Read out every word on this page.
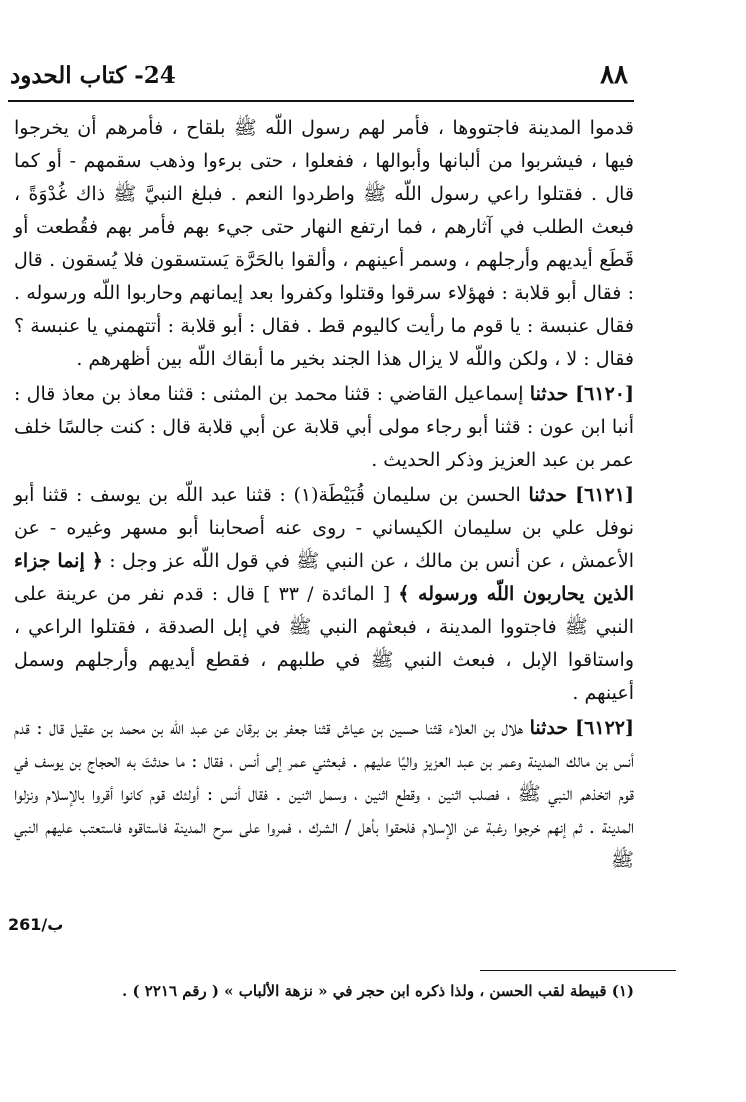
٨٨
24- كتاب الحدود

قدموا المدينة فاجتووها ، فأمر لهم رسول اللّه ﷺ بلقاح ، فأمرهم أن يخرجوا فيها ، فيشربوا من ألبانها وأبوالها ، ففعلوا ، حتى برءوا وذهب سقمهم - أو كما قال . فقتلوا راعي رسول اللّه ﷺ واطردوا النعم . فبلغ النبيَّ ﷺ ذاك غُدْوَةً ، فبعث الطلب في آثارهم ، فما ارتفع النهار حتى جيء بهم فأمر بهم فقُطعت أو قَطَع أيديهم وأرجلهم ، وسمر أعينهم ، وألقوا بالحَرَّة يَستسقون فلا يُسقون . قال : فقال أبو قلابة : فهؤلاء سرقوا وقتلوا وكفروا بعد إيمانهم وحاربوا اللّه ورسوله . فقال عنبسة : يا قوم ما رأيت كاليوم قط . فقال : أبو قلابة : أتتهمني يا عنبسة ؟ فقال : لا ، ولكن واللّه لا يزال هذا الجند بخير ما أبقاك اللّه بين أظهرهم .

[٦١٢٠] حدثنا إسماعيل القاضي : قثنا محمد بن المثنى : قثنا معاذ بن معاذ قال : أنبا ابن عون : قثنا أبو رجاء مولى أبي قلابة عن أبي قلابة قال : كنت جالسًا خلف عمر بن عبد العزيز وذكر الحديث .

[٦١٢١] حدثنا الحسن بن سليمان قُبَيْطَة(١) : قثنا عبد اللّه بن يوسف : قثنا أبو نوفل علي بن سليمان الكيساني - روى عنه أصحابنا أبو مسهر وغيره - عن الأعمش ، عن أنس بن مالك ، عن النبي ﷺ في قول اللّه عز وجل : ﴿ إنما جزاء الذين يحاربون اللّه ورسوله ﴾ [ المائدة / ٣٣ ] قال : قدم نفر من عرينة على النبي ﷺ فاجتووا المدينة ، فبعثهم النبي ﷺ في إبل الصدقة ، فقتلوا الراعي ، واستاقوا الإبل ، فبعث النبي ﷺ في طلبهم ، فقطع أيديهم وأرجلهم وسمل أعينهم .

[٦١٢٢] حدثنا هلال بن العلاء قثنا حسين بن عياش قثنا جعفر بن برقان عن عبد اللّه بن محمد بن عقيل قال : قدم أنس بن مالك المدينة وعمر بن عبد العزيز واليًا عليهم . فبعثني عمر إلى أنس ، فقال : ما حدثتَ به الحجاج بن يوسف في قوم اتخذهم النبي ﷺ ، فصلب اثنين ، وقطع اثنين ، وسمل اثنين . فقال أنس : أولئك قوم كانوا أقروا بالإسلام ونزلوا المدينة . ثم إنهم خرجوا رغبة عن الإسلام فلحقوا بأهل / الشرك ، فمروا على سرح المدينة فاستاقوه فاستعتب عليهم النبي ﷺ

261/ب
(١) قبيطة لقب الحسن ، ولذا ذكره ابن حجر في « نزهة الألباب » ( رقم ٢٢١٦ ) .
